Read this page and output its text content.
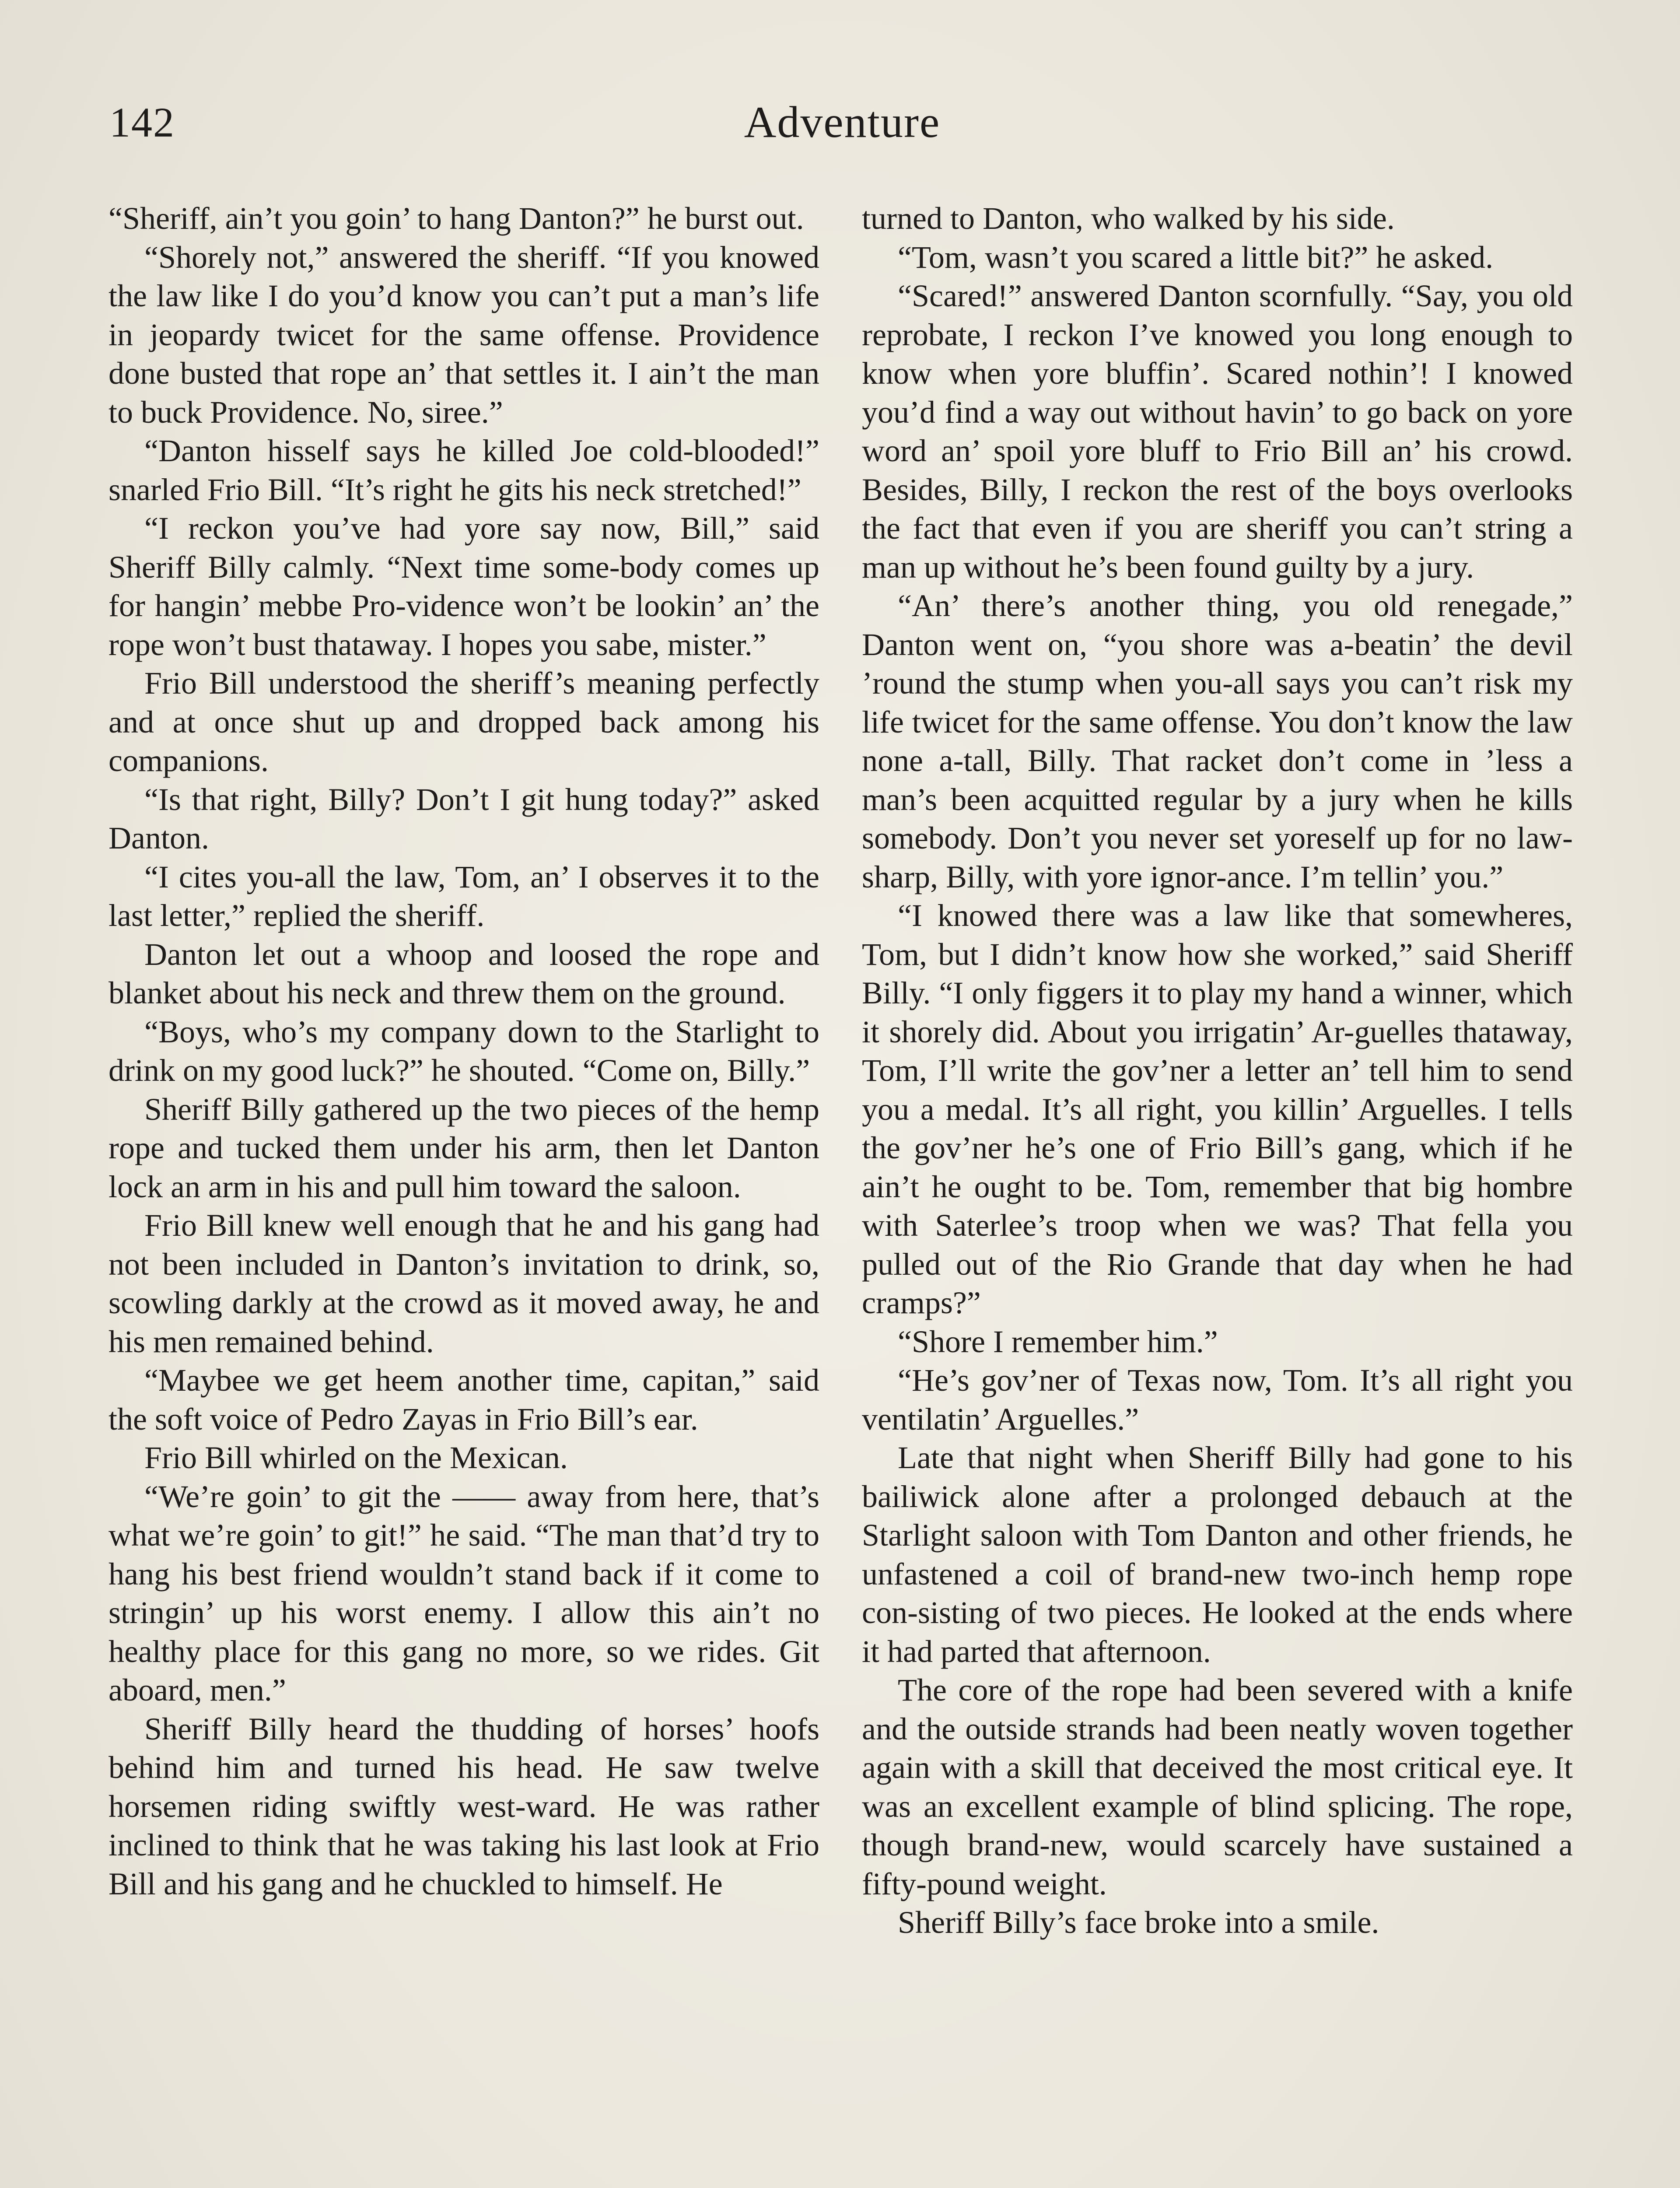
142	Adventure

“Sheriff, ain’t you goin’ to hang Danton?” he burst out.

“Shorely not,” answered the sheriff. “If you knowed the law like I do you’d know you can’t put a man’s life in jeopardy twicet for the same offense. Providence done busted that rope an’ that settles it. I ain’t the man to buck Providence. No, siree.”

“Danton hisself says he killed Joe cold-blooded!” snarled Frio Bill. “It’s right he gits his neck stretched!”

“I reckon you’ve had yore say now, Bill,” said Sheriff Billy calmly. “Next time some-body comes up for hangin’ mebbe Pro-vidence won’t be lookin’ an’ the rope won’t bust thataway. I hopes you sabe, mister.”

Frio Bill understood the sheriff’s meaning perfectly and at once shut up and dropped back among his companions.

“Is that right, Billy? Don’t I git hung today?” asked Danton.

“I cites you-all the law, Tom, an’ I observes it to the last letter,” replied the sheriff.

Danton let out a whoop and loosed the rope and blanket about his neck and threw them on the ground.

“Boys, who’s my company down to the Starlight to drink on my good luck?” he shouted. “Come on, Billy.”

Sheriff Billy gathered up the two pieces of the hemp rope and tucked them under his arm, then let Danton lock an arm in his and pull him toward the saloon.

Frio Bill knew well enough that he and his gang had not been included in Danton’s invitation to drink, so, scowling darkly at the crowd as it moved away, he and his men remained behind.

“Maybee we get heem another time, capitan,” said the soft voice of Pedro Zayas in Frio Bill’s ear.

Frio Bill whirled on the Mexican.

“We’re goin’ to git the —— away from here, that’s what we’re goin’ to git!” he said. “The man that’d try to hang his best friend wouldn’t stand back if it come to stringin’ up his worst enemy. I allow this ain’t no healthy place for this gang no more, so we rides. Git aboard, men.”

Sheriff Billy heard the thudding of horses’ hoofs behind him and turned his head. He saw twelve horsemen riding swiftly west-ward. He was rather inclined to think that he was taking his last look at Frio Bill and his gang and he chuckled to himself. He

turned to Danton, who walked by his side.

“Tom, wasn’t you scared a little bit?” he asked.

“Scared!” answered Danton scornfully. “Say, you old reprobate, I reckon I’ve knowed you long enough to know when yore bluffin’. Scared nothin’! I knowed you’d find a way out without havin’ to go back on yore word an’ spoil yore bluff to Frio Bill an’ his crowd. Besides, Billy, I reckon the rest of the boys overlooks the fact that even if you are sheriff you can’t string a man up without he’s been found guilty by a jury.

“An’ there’s another thing, you old renegade,” Danton went on, “you shore was a-beatin’ the devil ’round the stump when you-all says you can’t risk my life twicet for the same offense. You don’t know the law none a-tall, Billy. That racket don’t come in ’less a man’s been acquitted regular by a jury when he kills somebody. Don’t you never set yoreself up for no law-sharp, Billy, with yore ignor-ance. I’m tellin’ you.”

“I knowed there was a law like that somewheres, Tom, but I didn’t know how she worked,” said Sheriff Billy. “I only figgers it to play my hand a winner, which it shorely did. About you irrigatin’ Ar-guelles thataway, Tom, I’ll write the gov’ner a letter an’ tell him to send you a medal. It’s all right, you killin’ Arguelles. I tells the gov’ner he’s one of Frio Bill’s gang, which if he ain’t he ought to be. Tom, remember that big hombre with Saterlee’s troop when we was? That fella you pulled out of the Rio Grande that day when he had cramps?”

“Shore I remember him.”

“He’s gov’ner of Texas now, Tom. It’s all right you ventilatin’ Arguelles.”

Late that night when Sheriff Billy had gone to his bailiwick alone after a prolonged debauch at the Starlight saloon with Tom Danton and other friends, he unfastened a coil of brand-new two-inch hemp rope con-sisting of two pieces. He looked at the ends where it had parted that afternoon.

The core of the rope had been severed with a knife and the outside strands had been neatly woven together again with a skill that deceived the most critical eye. It was an excellent example of blind splicing. The rope, though brand-new, would scarcely have sustained a fifty-pound weight.

Sheriff Billy’s face broke into a smile.
